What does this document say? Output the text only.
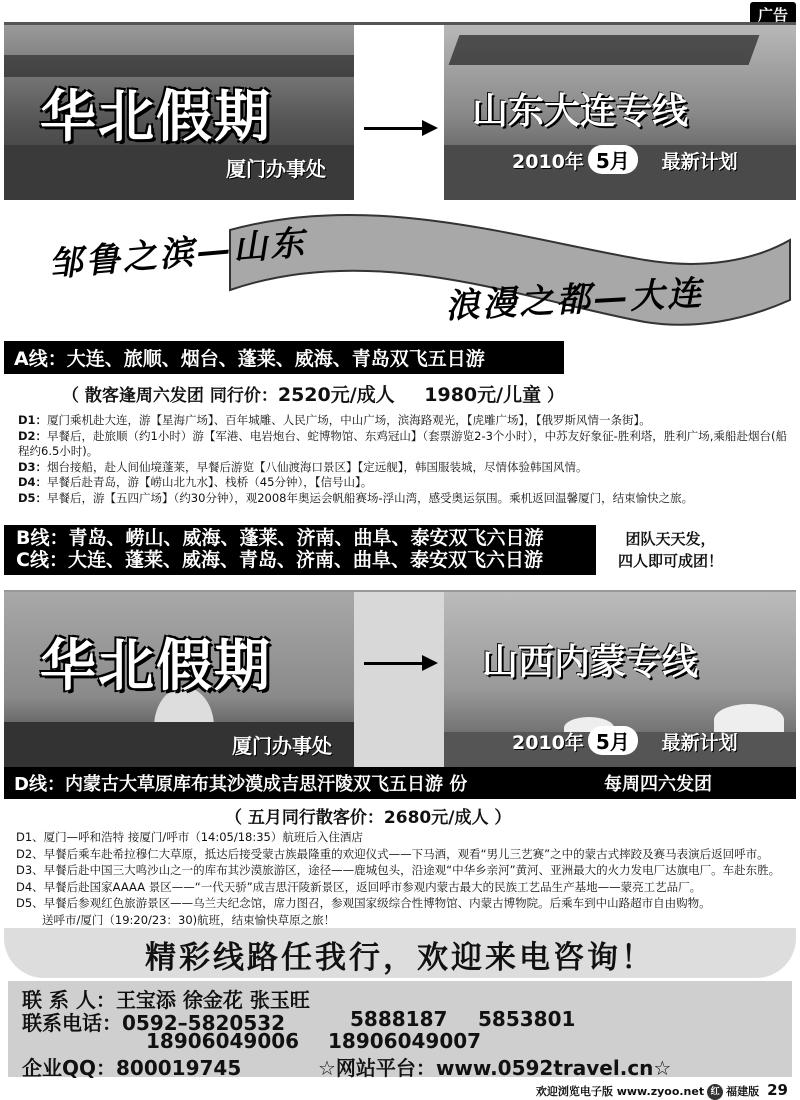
广告
华北假期
厦门办事处
山东大连专线
2010年 5月 最新计划
邹鲁之滨—山东
浪漫之都—大连
A线：大连、旅顺、烟台、蓬莱、威海、青岛双飞五日游
（ 散客逢周六发团 同行价：2520元/成人 1980元/儿童 ）

D1：厦门乘机赴大连，游【星海广场】、百年城雕、人民广场，中山广场，滨海路观光，【虎雕广场】，【俄罗斯风情一条街】。

D2：早餐后，赴旅顺（约1小时）游【军港、电岩炮台、蛇博物馆、东鸡冠山】（套票游览2-3个小时），中苏友好象征-胜利塔，胜利广场,乘船赴烟台(船程约6.5小时)。

D3：烟台接船，赴人间仙境蓬莱，早餐后游览【八仙渡海口景区】【定远舰】，韩国服装城，尽情体验韩国风情。

D4：早餐后赴青岛，游【崂山北九水】、栈桥（45分钟），【信号山】。

D5：早餐后，游【五四广场】（约30分钟），观2008年奥运会帆船赛场-浮山湾，感受奥运氛围。乘机返回温馨厦门，结束愉快之旅。

B线：青岛、崂山、威海、蓬莱、济南、曲阜、泰安双飞六日游
C线：大连、蓬莱、威海、青岛、济南、曲阜、泰安双飞六日游
团队天天发，
四人即可成团！
华北假期
厦门办事处
山西内蒙专线
2010年 5月 最新计划
D线：内蒙古大草原库布其沙漠成吉思汗陵双飞五日游 份	每周四六发团
（ 五月同行散客价：2680元/成人 ）

D1、厦门—呼和浩特 接厦门/呼市（14:05/18:35）航班后入住酒店

D2、早餐后乘车赴希拉穆仁大草原，抵达后接受蒙古族最隆重的欢迎仪式——下马酒，观看“男儿三艺赛”之中的蒙古式摔跤及赛马表演后返回呼市。

D3、早餐后赴中国三大鸣沙山之一的库布其沙漠旅游区，途径——鹿城包头，沿途观“中华乡亲河”黄河、亚洲最大的火力发电厂达旗电厂。车赴东胜。

D4、早餐后赴国家AAAA 景区——“一代天骄”成吉思汗陵新景区，返回呼市参观内蒙古最大的民族工艺品生产基地——蒙亮工艺品厂。

D5、早餐后参观红色旅游景区——乌兰夫纪念馆，席力图召，参观国家级综合性博物馆、内蒙古博物院。后乘车到中山路超市自由购物。

送呼市/厦门（19:20/23：30)航班，结束愉快草原之旅！

精彩线路任我行，欢迎来电咨询！
联 系 人：王宝添 徐金花 张玉旺
联系电话：0592–5820532	5888187 5853801
18906049006 18906049007
企业QQ：800019745	☆网站平台：www.0592travel.cn☆
欢迎浏览电子版 www.zyoo.net 红 福建版 29
